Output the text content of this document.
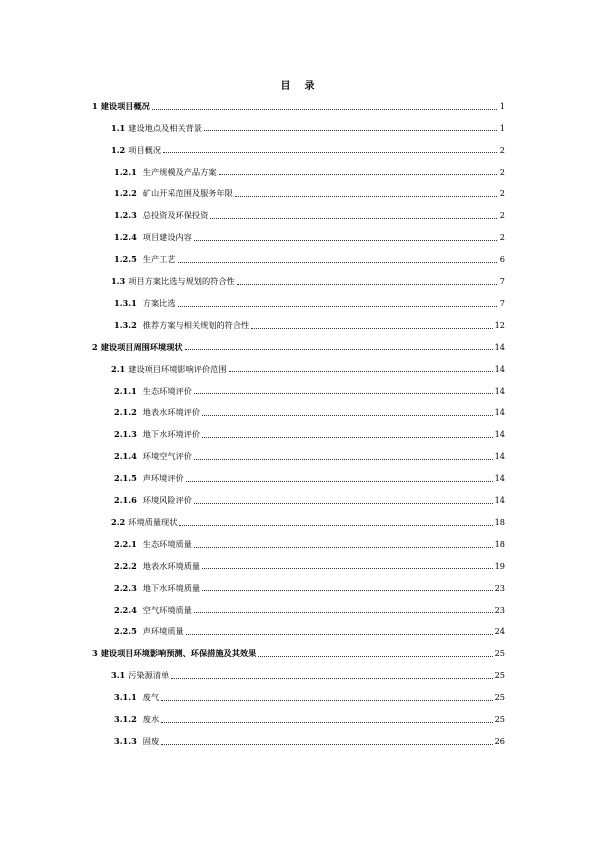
目 录
1 建设项目概况	1
1.1 建设地点及相关背景	1
1.2 项目概况	2
1.2.1 生产规模及产品方案	2
1.2.2 矿山开采范围及服务年限	2
1.2.3 总投资及环保投资	2
1.2.4 项目建设内容	2
1.2.5 生产工艺	6
1.3 项目方案比选与规划的符合性	7
1.3.1 方案比选	7
1.3.2 推荐方案与相关规划的符合性	12
2 建设项目周围环境现状	14
2.1 建设项目环境影响评价范围	14
2.1.1 生态环境评价	14
2.1.2 地表水环境评价	14
2.1.3 地下水环境评价	14
2.1.4 环境空气评价	14
2.1.5 声环境评价	14
2.1.6 环境风险评价	14
2.2 环境质量现状	18
2.2.1 生态环境质量	18
2.2.2 地表水环境质量	19
2.2.3 地下水环境质量	23
2.2.4 空气环境质量	23
2.2.5 声环境质量	24
3 建设项目环境影响预测、环保措施及其效果	25
3.1 污染源清单	25
3.1.1 废气	25
3.1.2 废水	25
3.1.3 固废	26
